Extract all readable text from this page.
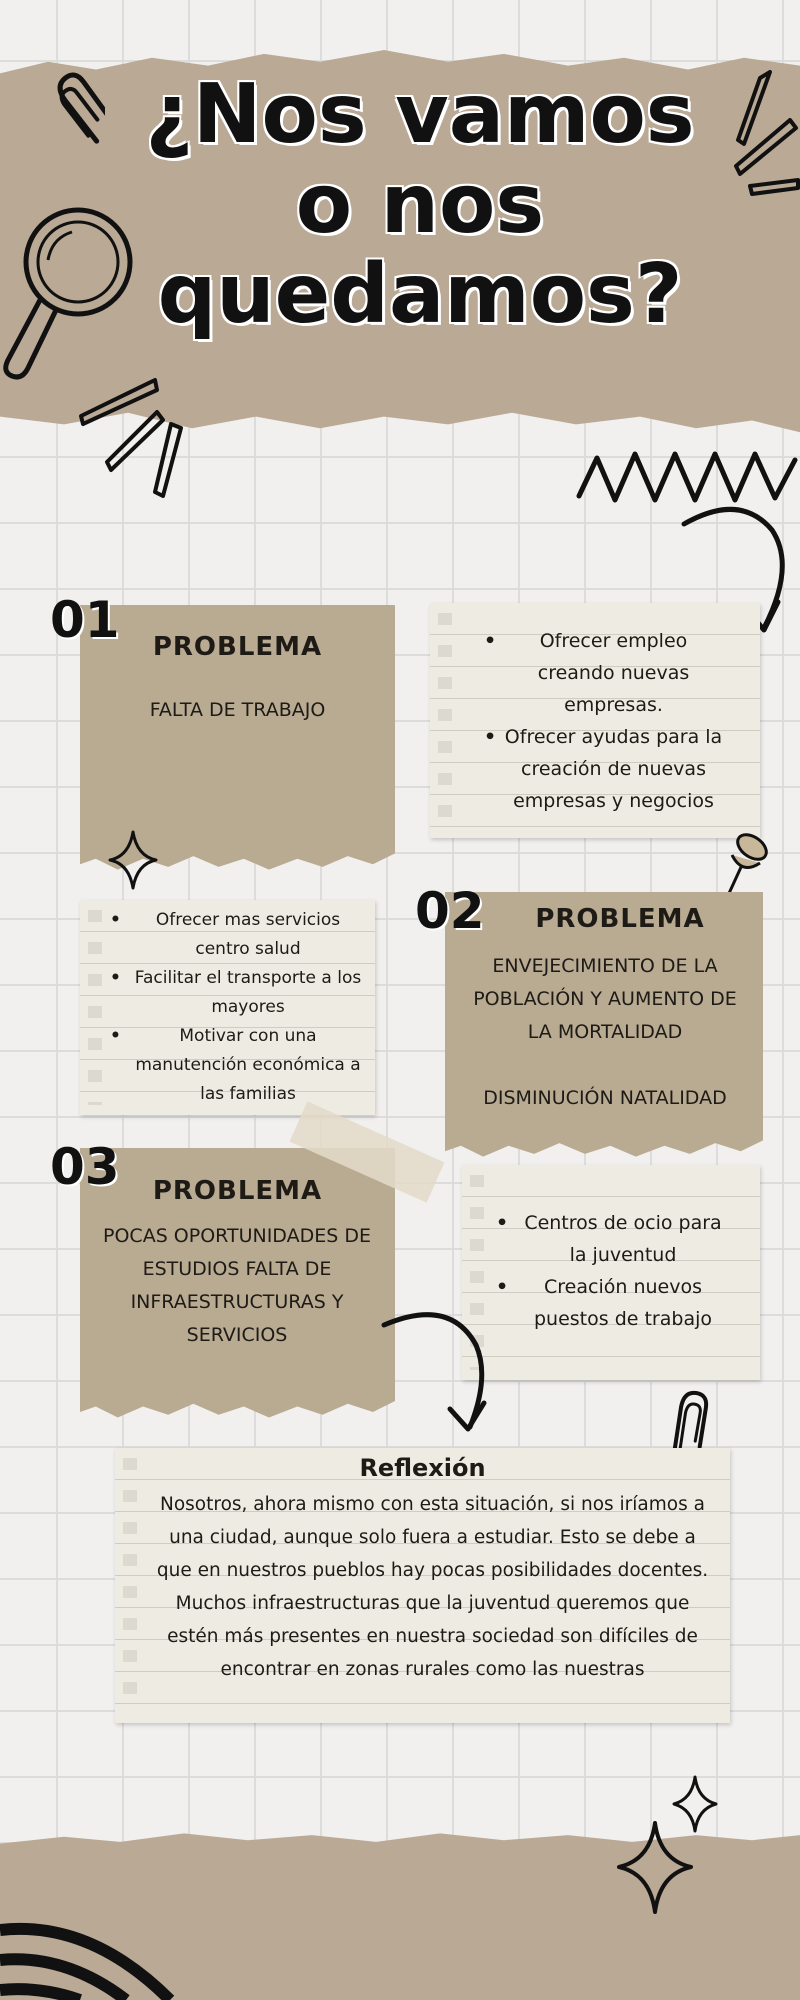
¿Nos vamos o nos quedamos?
01	PROBLEMA
FALTA DE TRABAJO
• Ofrecer empleo creando nuevas empresas.
• Ofrecer ayudas para la creación de nuevas empresas y negocios
• Ofrecer mas servicios centro salud
• Facilitar el transporte a los mayores
• Motivar con una manutención económica a las familias
02	PROBLEMA
ENVEJECIMIENTO DE LA POBLACIÓN Y AUMENTO DE LA MORTALIDAD
DISMINUCIÓN NATALIDAD
03	PROBLEMA
POCAS OPORTUNIDADES DE ESTUDIOS FALTA DE INFRAESTRUCTURAS Y SERVICIOS
• Centros de ocio para la juventud
• Creación nuevos puestos de trabajo
Reflexión
Nosotros, ahora mismo con esta situación, si nos iríamos a una ciudad, aunque solo fuera a estudiar. Esto se debe a que en nuestros pueblos hay pocas posibilidades docentes. Muchos infraestructuras que la juventud queremos que estén más presentes en nuestra sociedad son difíciles de encontrar en zonas rurales como las nuestras
